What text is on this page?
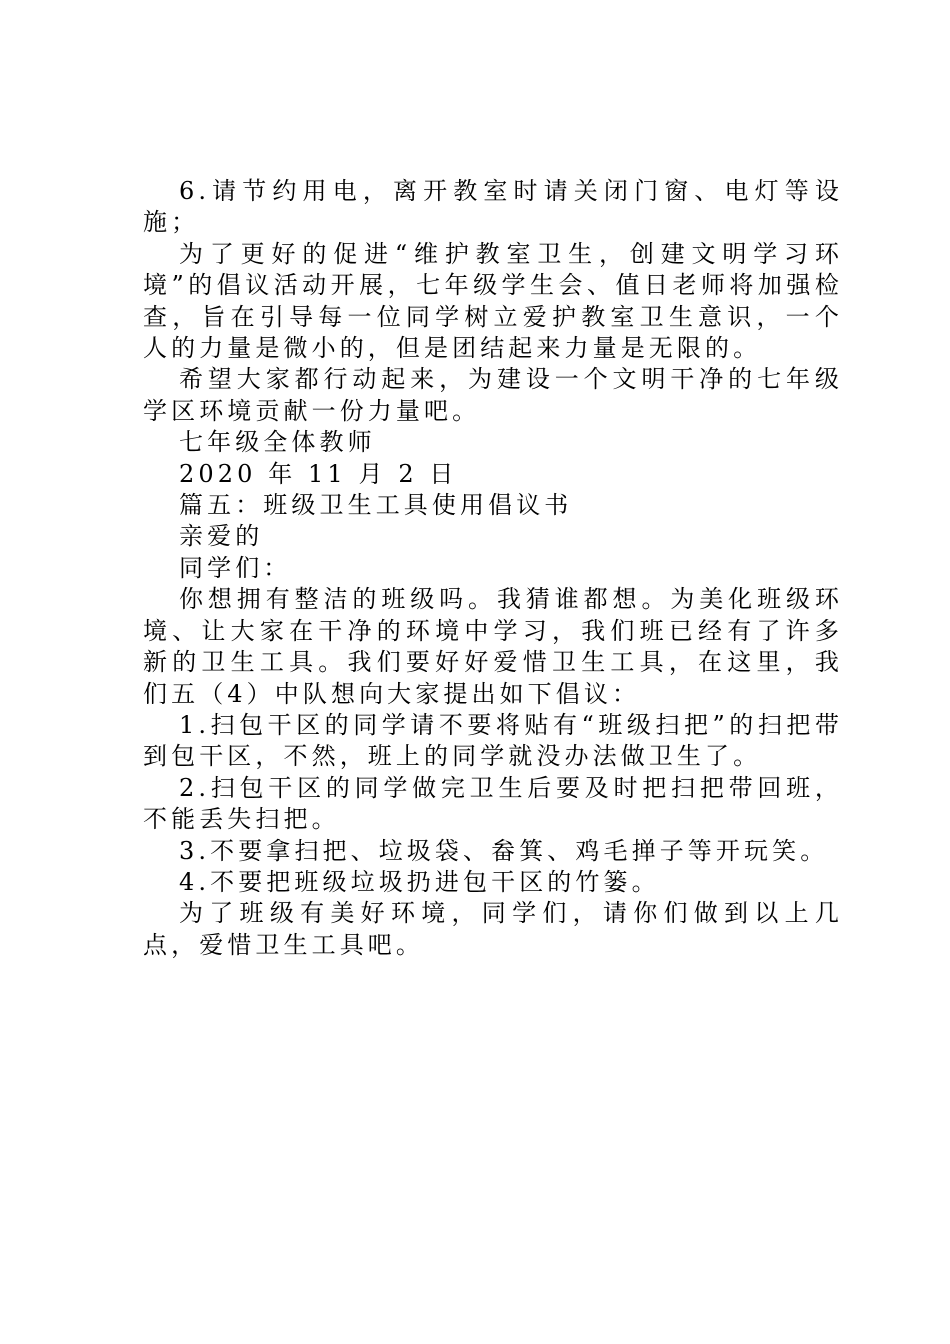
6.请节约用电，离开教室时请关闭门窗、电灯等设施；

为了更好的促进“维护教室卫生，创建文明学习环境”的倡议活动开展，七年级学生会、值日老师将加强检查，旨在引导每一位同学树立爱护教室卫生意识，一个人的力量是微小的，但是团结起来力量是无限的。

希望大家都行动起来，为建设一个文明干净的七年级学区环境贡献一份力量吧。

七年级全体教师

2020 年 11 月 2 日

篇五：班级卫生工具使用倡议书

亲爱的

同学们：

你想拥有整洁的班级吗。我猜谁都想。为美化班级环境、让大家在干净的环境中学习，我们班已经有了许多新的卫生工具。我们要好好爱惜卫生工具，在这里，我们五（4）中队想向大家提出如下倡议：

1.扫包干区的同学请不要将贴有“班级扫把”的扫把带到包干区，不然，班上的同学就没办法做卫生了。

2.扫包干区的同学做完卫生后要及时把扫把带回班，不能丢失扫把。

3.不要拿扫把、垃圾袋、畚箕、鸡毛掸子等开玩笑。

4.不要把班级垃圾扔进包干区的竹篓。

为了班级有美好环境，同学们，请你们做到以上几点，爱惜卫生工具吧。
